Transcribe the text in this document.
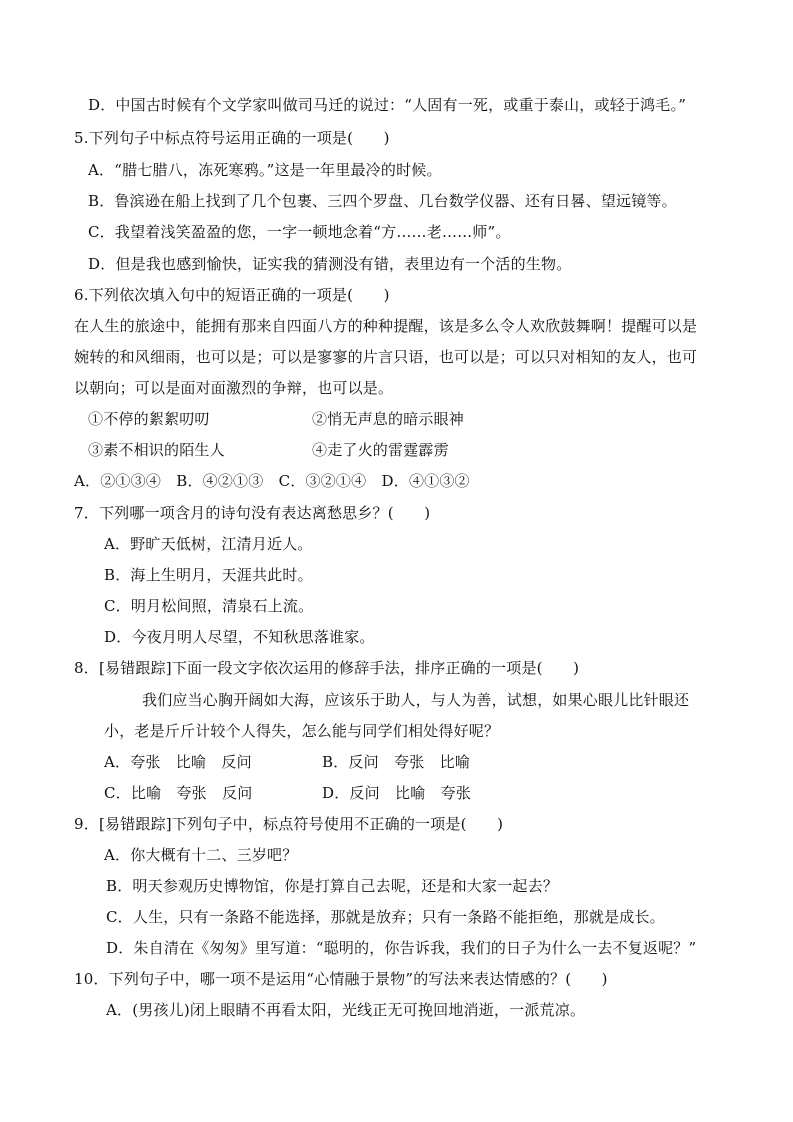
D．中国古时候有个文学家叫做司马迁的说过：“人固有一死，或重于泰山，或轻于鸿毛。”
5.下列句子中标点符号运用正确的一项是(　　)
A．“腊七腊八，冻死寒鸦。”这是一年里最冷的时候。
B．鲁滨逊在船上找到了几个包裹、三四个罗盘、几台数学仪器、还有日晷、望远镜等。
C．我望着浅笑盈盈的您，一字一顿地念着“方……老……师”。
D．但是我也感到愉快，证实我的猜测没有错，表里边有一个活的生物。
6.下列依次填入句中的短语正确的一项是(　　)
在人生的旅途中，能拥有那来自四面八方的种种提醒，该是多么令人欢欣鼓舞啊！提醒可以是
婉转的和风细雨，也可以是；可以是寥寥的片言只语，也可以是；可以只对相知的友人，也可
以朝向；可以是面对面激烈的争辩，也可以是。
①不停的絮絮叨叨	②悄无声息的暗示眼神
③素不相识的陌生人	④走了火的雷霆霹雳
A．②①③④　B．④②①③　C．③②①④　D．④①③②
7．下列哪一项含月的诗句没有表达离愁思乡？(　　)
A．野旷天低树，江清月近人。
B．海上生明月，天涯共此时。
C．明月松间照，清泉石上流。
D．今夜月明人尽望，不知秋思落谁家。
8．[易错跟踪]下面一段文字依次运用的修辞手法，排序正确的一项是(　　)
我们应当心胸开阔如大海，应该乐于助人，与人为善，试想，如果心眼儿比针眼还
小，老是斤斤计较个人得失，怎么能与同学们相处得好呢？
A．夸张　比喻　反问	B．反问　夸张　比喻
C．比喻　夸张　反问	D．反问　比喻　夸张
9．[易错跟踪]下列句子中，标点符号使用不正确的一项是(　　)
A．你大概有十二、三岁吧？
B．明天参观历史博物馆，你是打算自己去呢，还是和大家一起去？
C．人生，只有一条路不能选择，那就是放弃；只有一条路不能拒绝，那就是成长。
D．朱自清在《匆匆》里写道：“聪明的，你告诉我，我们的日子为什么一去不复返呢？”
10．下列句子中，哪一项不是运用“心情融于景物”的写法来表达情感的？(　　)
A．(男孩儿)闭上眼睛不再看太阳，光线正无可挽回地消逝，一派荒凉。
